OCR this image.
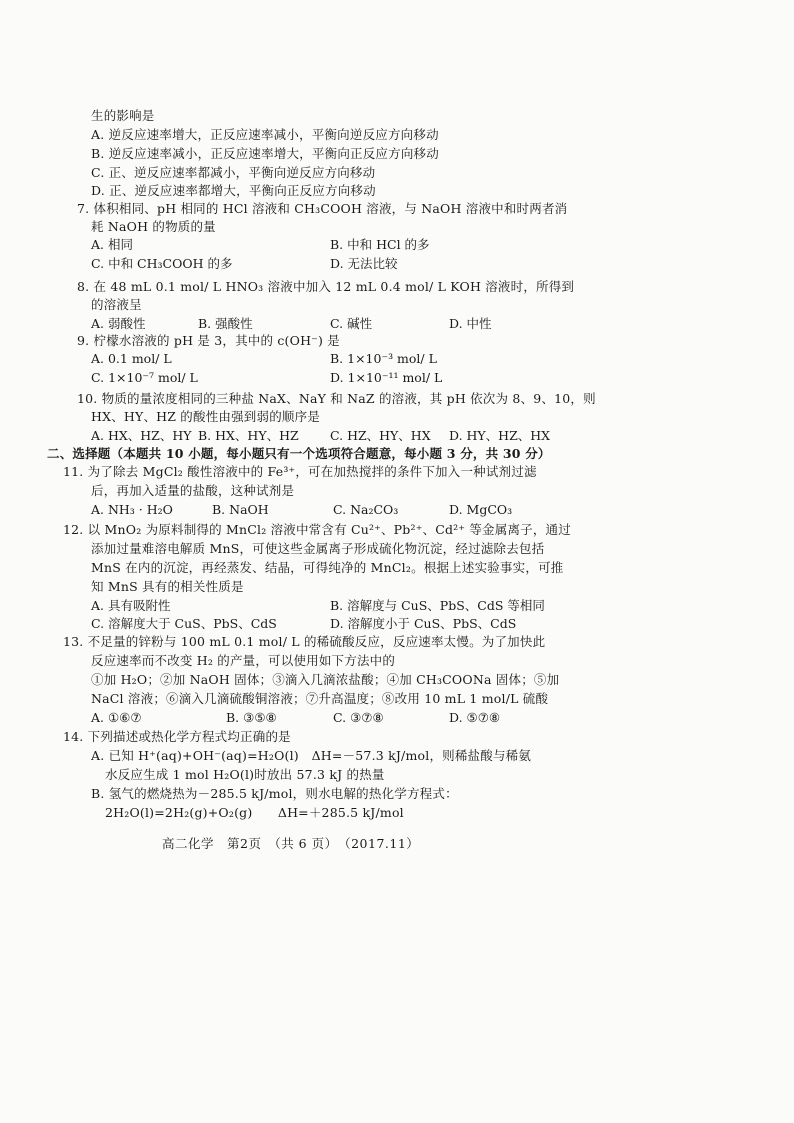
生的影响是
A. 逆反应速率增大，正反应速率减小，平衡向逆反应方向移动
B. 逆反应速率减小，正反应速率增大，平衡向正反应方向移动
C. 正、逆反应速率都减小，平衡向逆反应方向移动
D. 正、逆反应速率都增大，平衡向正反应方向移动
7. 体积相同、pH 相同的 HCl 溶液和 CH₃COOH 溶液，与 NaOH 溶液中和时两者消
耗 NaOH 的物质的量
A. 相同	B. 中和 HCl 的多
C. 中和 CH₃COOH 的多	D. 无法比较
8. 在 48 mL 0.1 mol/ L HNO₃ 溶液中加入 12 mL 0.4 mol/ L KOH 溶液时，所得到
的溶液呈
A. 弱酸性	B. 强酸性	C. 碱性	D. 中性
9. 柠檬水溶液的 pH 是 3，其中的 c(OH⁻) 是
A. 0.1 mol/ L	B. 1×10⁻³ mol/ L
C. 1×10⁻⁷ mol/ L	D. 1×10⁻¹¹ mol/ L
10. 物质的量浓度相同的三种盐 NaX、NaY 和 NaZ 的溶液，其 pH 依次为 8、9、10，则
HX、HY、HZ 的酸性由强到弱的顺序是
A. HX、HZ、HY B. HX、HY、HZ	C. HZ、HY、HX D. HY、HZ、HX
二、选择题（本题共 10 小题，每小题只有一个选项符合题意，每小题 3 分，共 30 分）
11. 为了除去 MgCl₂ 酸性溶液中的 Fe³⁺，可在加热搅拌的条件下加入一种试剂过滤
后，再加入适量的盐酸，这种试剂是
A. NH₃ · H₂O	B. NaOH	C. Na₂CO₃	D. MgCO₃
12. 以 MnO₂ 为原料制得的 MnCl₂ 溶液中常含有 Cu²⁺、Pb²⁺、Cd²⁺ 等金属离子，通过
添加过量难溶电解质 MnS，可使这些金属离子形成硫化物沉淀，经过滤除去包括
MnS 在内的沉淀，再经蒸发、结晶，可得纯净的 MnCl₂。根据上述实验事实，可推
知 MnS 具有的相关性质是
A. 具有吸附性	B. 溶解度与 CuS、PbS、CdS 等相同
C. 溶解度大于 CuS、PbS、CdS	D. 溶解度小于 CuS、PbS、CdS
13. 不足量的锌粉与 100 mL 0.1 mol/ L 的稀硫酸反应，反应速率太慢。为了加快此
反应速率而不改变 H₂ 的产量，可以使用如下方法中的
①加 H₂O；②加 NaOH 固体；③滴入几滴浓盐酸；④加 CH₃COONa 固体；⑤加
NaCl 溶液；⑥滴入几滴硫酸铜溶液；⑦升高温度；⑧改用 10 mL 1 mol/L 硫酸
A. ①⑥⑦	B. ③⑤⑧	C. ③⑦⑧	D. ⑤⑦⑧
14. 下列描述或热化学方程式均正确的是
A. 已知 H⁺(aq)+OH⁻(aq)=H₂O(l)　ΔH=－57.3 kJ/mol，则稀盐酸与稀氨
水反应生成 1 mol H₂O(l)时放出 57.3 kJ 的热量
B. 氢气的燃烧热为－285.5 kJ/mol，则水电解的热化学方程式：
2H₂O(l)=2H₂(g)+O₂(g)　　ΔH=＋285.5 kJ/mol
高二化学　第2页　（共 6 页）　（2017.11）
